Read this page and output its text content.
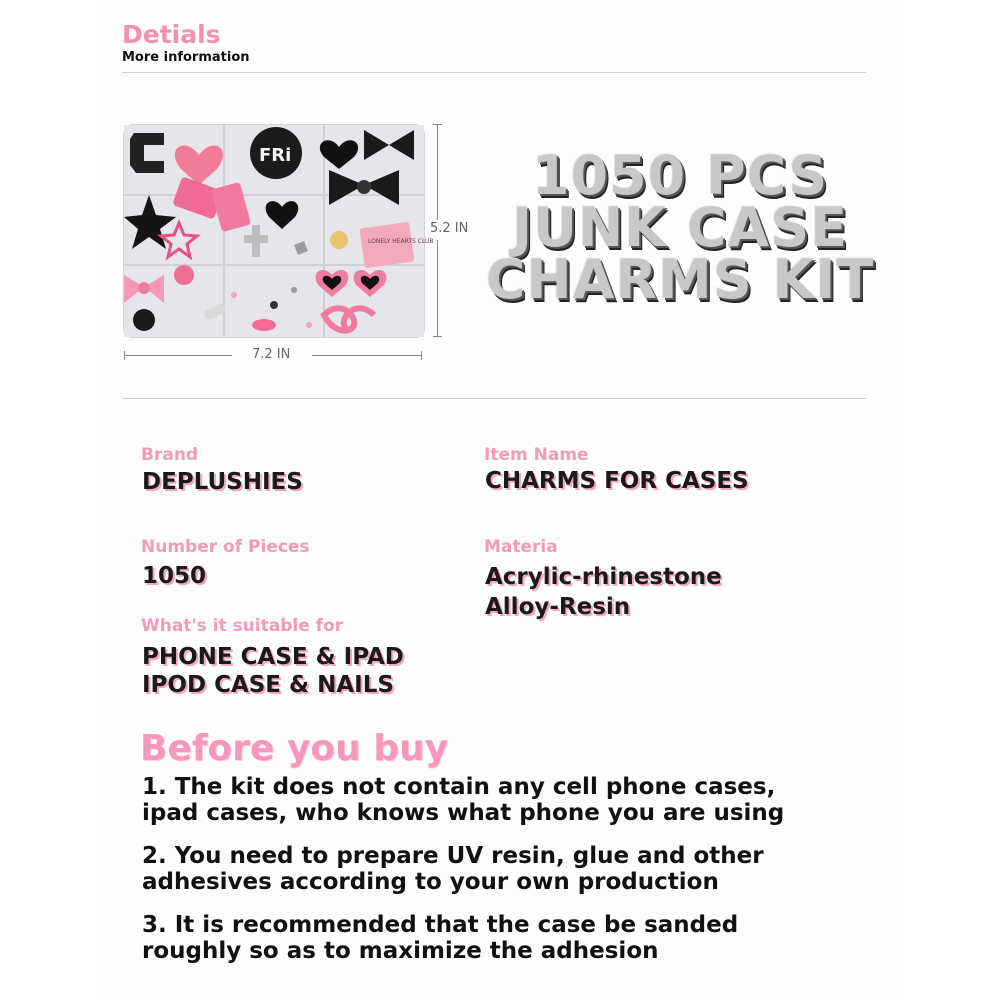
Detials
More information
FRi
LONELY HEARTS CLUB
5.2 IN
7.2 IN
1050 PCS
JUNK CASE
CHARMS KIT
Brand
DEPLUSHIES
Item Name
CHARMS FOR CASES
Number of Pieces
1050
Materia
Acrylic-rhinestone
Alloy-Resin
What's it suitable for
PHONE CASE & IPAD
IPOD CASE & NAILS
Before you buy
1. The kit does not contain any cell phone cases,
ipad cases, who knows what phone you are using
2. You need to prepare UV resin, glue and other
adhesives according to your own production
3. It is recommended that the case be sanded
roughly so as to maximize the adhesion
